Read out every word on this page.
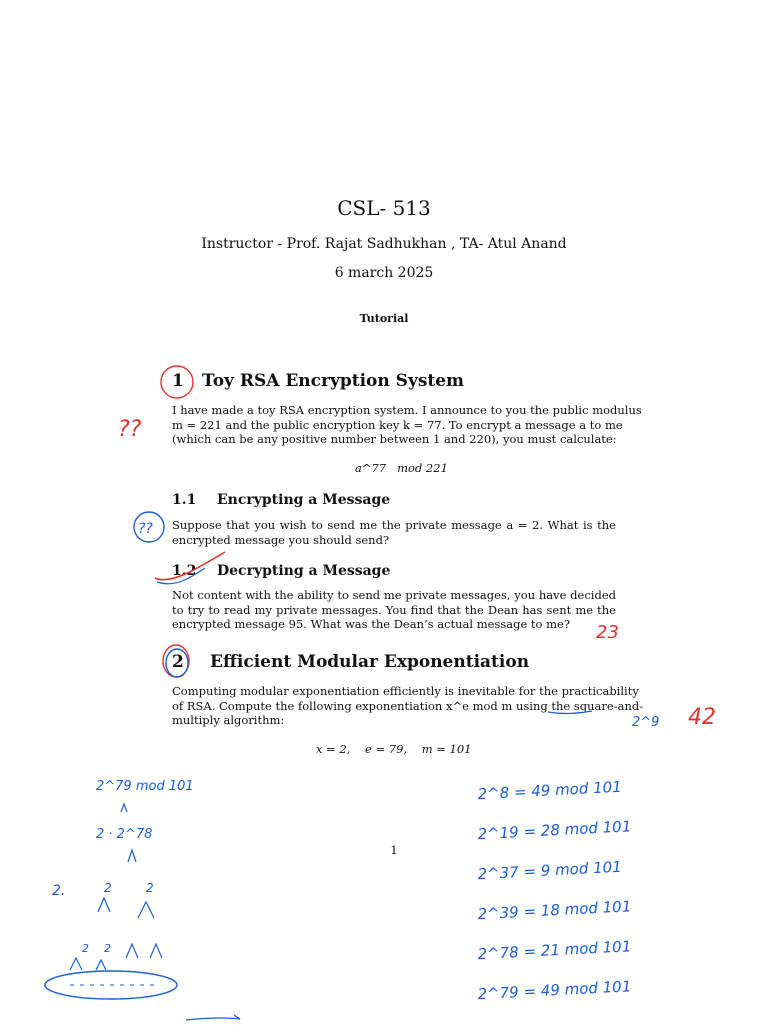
CSL- 513
Instructor - Prof. Rajat Sadhukhan , TA- Atul Anand
6 march 2025
Tutorial
1 Toy RSA Encryption System
I have made a toy RSA encryption system. I announce to you the public modulus
m = 221 and the public encryption key k = 77. To encrypt a message a to me
(which can be any positive number between 1 and 220), you must calculate:
a^77   mod 221
1.1 Encrypting a Message
Suppose that you wish to send me the private message a = 2. What is the
encrypted message you should send?
1.2 Decrypting a Message
Not content with the ability to send me private messages, you have decided
to try to read my private messages. You find that the Dean has sent me the
encrypted message 95. What was the Dean’s actual message to me?
2 Efficient Modular Exponentiation
Computing modular exponentiation efficiently is inevitable for the practicability
of RSA. Compute the following exponentiation x^e mod m using the square-and-
multiply algorithm:
x = 2,    e = 79,    m = 101
1
??
??
23
42
2^9
2^79 mod 101
2 · 2^78
2.	2	2
2 2
2^8 = 49 mod 101
2^19 = 28 mod 101
2^37 = 9 mod 101
2^39 = 18 mod 101
2^78 = 21 mod 101
2^79 = 49 mod 101
